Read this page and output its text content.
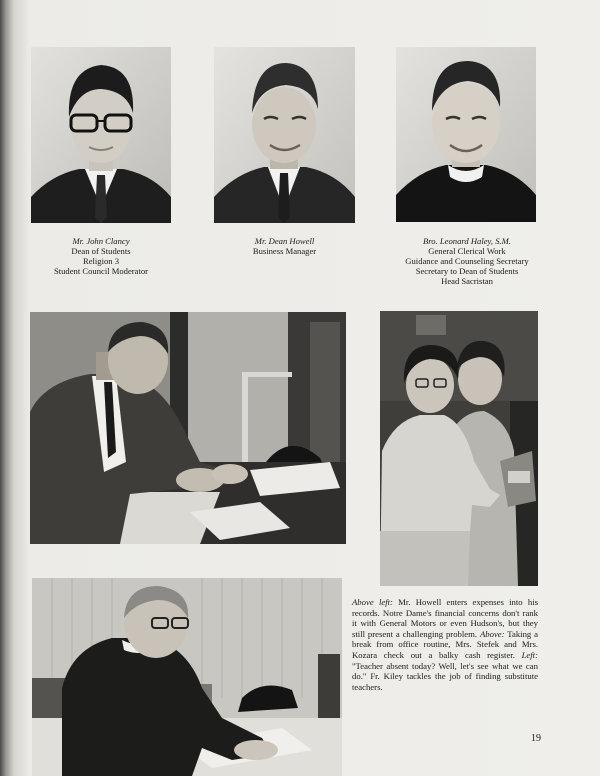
Mr. John Clancy
Dean of Students
Religion 3
Student Council Moderator
Mr. Dean Howell
Business Manager
Bro. Leonard Haley, S.M.
General Clerical Work
Guidance and Counseling Secretary
Secretary to Dean of Students
Head Sacristan
Above left: Mr. Howell enters expenses into his records. Notre Dame's financial concerns don't rank it with General Motors or even Hudson's, but they still present a challenging problem. Above: Taking a break from office routine, Mrs. Stefek and Mrs. Kozara check out a balky cash register. Left: "Teacher absent today? Well, let's see what we can do." Fr. Kiley tackles the job of finding substitute teachers.
19
